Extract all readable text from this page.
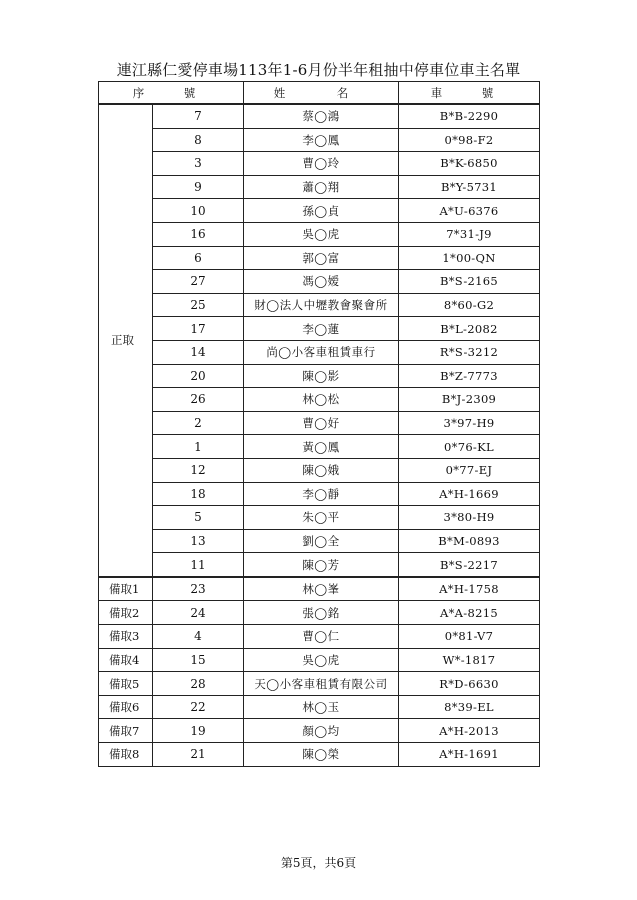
連江縣仁愛停車場113年1-6月份半年租抽中停車位車主名單
序　號		姓　名	車　號
正取	7	蔡◯鴻	B*B-2290
	8	李◯鳳	0*98-F2
	3	曹◯玲	B*K-6850
	9	蕭◯翔	B*Y-5731
	10	孫◯貞	A*U-6376
	16	吳◯虎	7*31-J9
	6	郭◯富	1*00-QN
	27	馮◯嫒	B*S-2165
	25	財◯法人中壢教會聚會所	8*60-G2
	17	李◯蓮	B*L-2082
	14	尚◯小客車租賃車行	R*S-3212
	20	陳◯影	B*Z-7773
	26	林◯松	B*J-2309
	2	曹◯好	3*97-H9
	1	黃◯鳳	0*76-KL
	12	陳◯娥	0*77-EJ
	18	李◯靜	A*H-1669
	5	朱◯平	3*80-H9
	13	劉◯全	B*M-0893
	11	陳◯芳	B*S-2217
備取1	23	林◯峯	A*H-1758
備取2	24	張◯銘	A*A-8215
備取3	4	曹◯仁	0*81-V7
備取4	15	吳◯虎	W*-1817
備取5	28	天◯小客車租賃有限公司	R*D-6630
備取6	22	林◯玉	8*39-EL
備取7	19	顏◯均	A*H-2013
備取8	21	陳◯榮	A*H-1691
第5頁，共6頁
